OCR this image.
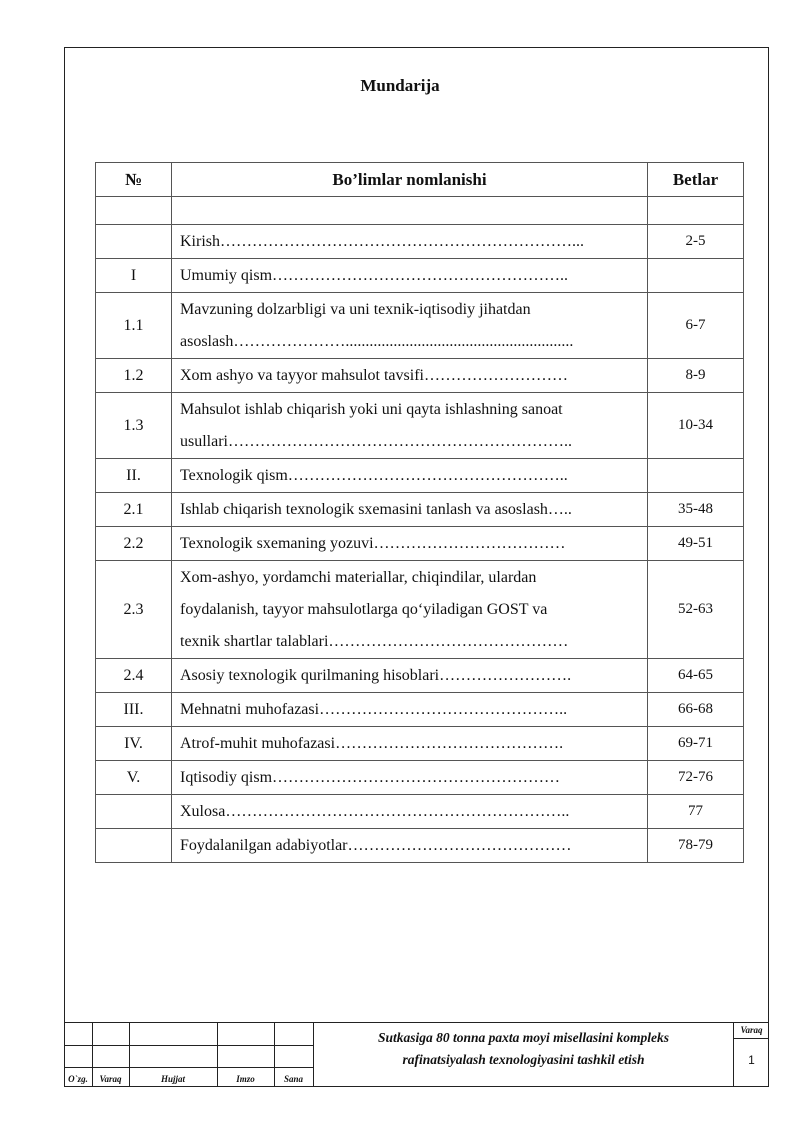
Mundarija
№	Bo’limlar nomlanishi	Betlar

	Kirish…………………………………………………………...	2-5
I	Umumiy qism………………………………………………..	

1.1	Mavzuning dolzarbligi va uni texnik-iqtisodiy jihatdan
asoslash………………….........................................................	6-7
1.2	Xom ashyo va tayyor mahsulot tavsifi………………………	8-9
1.3	Mahsulot ishlab chiqarish yoki uni qayta ishlashning sanoat
usullari………………………………………………………..	10-34
II.	Texnologik qism……………………………………………..	

2.1	Ishlab chiqarish texnologik sxemasini tanlash va asoslash…..	35-48
2.2	Texnologik sxemaning yozuvi………………………………	49-51
2.3	Xom-ashyo, yordamchi materiallar, chiqindilar, ulardan
foydalanish, tayyor mahsulotlarga qo‘yiladigan GOST va
texnik shartlar talablari………………………………………	52-63
2.4	Asosiy texnologik qurilmaning hisoblari…………………….	64-65
III.	Mehnatni muhofazasi………………………………………..	66-68
IV.	Atrof-muhit muhofazasi…………………………………….	69-71
V.	Iqtisodiy qism………………………………………………	72-76

	Xulosa………………………………………………………..	77

	Foydalanilgan adabiyotlar……………………………………	78-79
O`zg.	Varaq	Hujjat	Imzo	Sana
Sutkasiga 80 tonna paxta moyi misellasini kompleks
rafinatsiyalash texnologiyasini tashkil etish
Varaq
1
